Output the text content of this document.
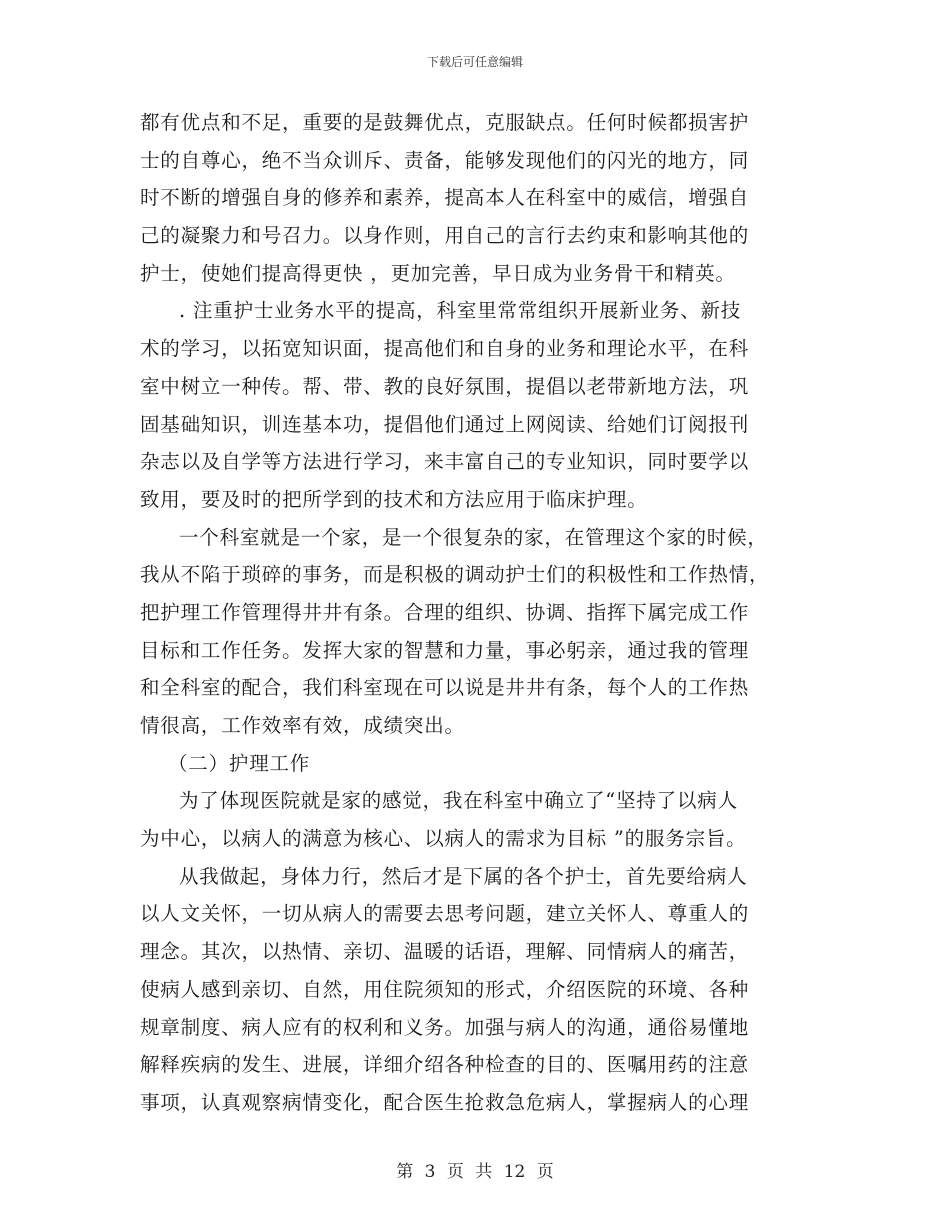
下载后可任意编辑
都有优点和不足，重要的是鼓舞优点，克服缺点。任何时候都损害护
士的自尊心，绝不当众训斥、责备，能够发现他们的闪光的地方，同
时不断的增强自身的修养和素养，提高本人在科室中的威信，增强自
己的凝聚力和号召力。以身作则，用自己的言行去约束和影响其他的
护士，使她们提高得更快 ，更加完善，早日成为业务骨干和精英。
. 注重护士业务水平的提高，科室里常常组织开展新业务、新技
术的学习，以拓宽知识面，提高他们和自身的业务和理论水平，在科
室中树立一种传。帮、带、教的良好氛围，提倡以老带新地方法，巩
固基础知识，训连基本功，提倡他们通过上网阅读、给她们订阅报刊
杂志以及自学等方法进行学习，来丰富自己的专业知识，同时要学以
致用，要及时的把所学到的技术和方法应用于临床护理。
一个科室就是一个家，是一个很复杂的家，在管理这个家的时候，
我从不陷于琐碎的事务，而是积极的调动护士们的积极性和工作热情，
把护理工作管理得井井有条。合理的组织、协调、指挥下属完成工作
目标和工作任务。发挥大家的智慧和力量，事必躬亲，通过我的管理
和全科室的配合，我们科室现在可以说是井井有条，每个人的工作热
情很高，工作效率有效，成绩突出。
（二）护理工作
为了体现医院就是家的感觉，我在科室中确立了“坚持了以病人
为中心，以病人的满意为核心、以病人的需求为目标 ”的服务宗旨。
从我做起，身体力行，然后才是下属的各个护士，首先要给病人
以人文关怀，一切从病人的需要去思考问题，建立关怀人、尊重人的
理念。其次，以热情、亲切、温暖的话语，理解、同情病人的痛苦，
使病人感到亲切、自然，用住院须知的形式，介绍医院的环境、各种
规章制度、病人应有的权利和义务。加强与病人的沟通，通俗易懂地
解释疾病的发生、进展，详细介绍各种检查的目的、医嘱用药的注意
事项，认真观察病情变化，配合医生抢救急危病人，掌握病人的心理
第 3 页 共 12 页
